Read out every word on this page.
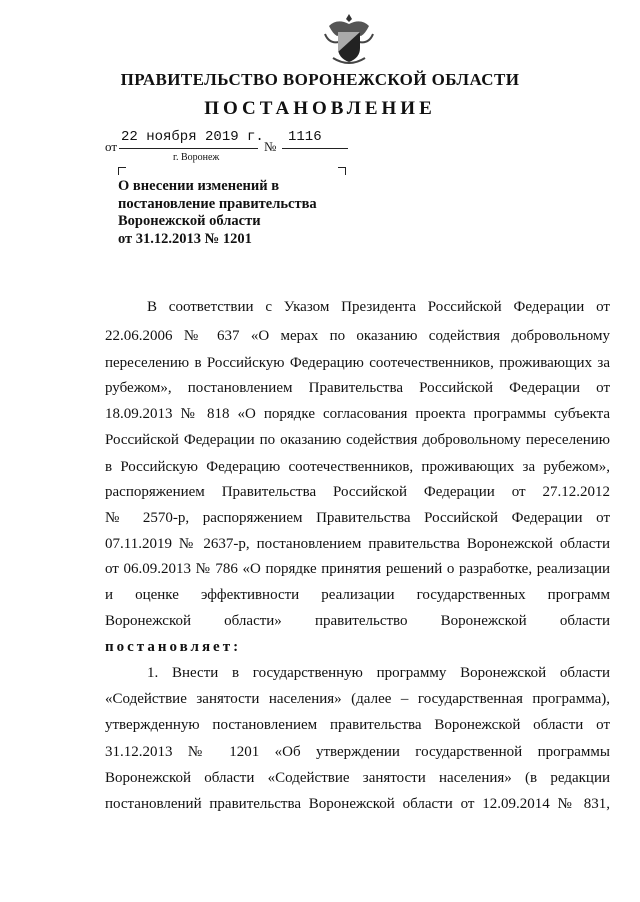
ПРАВИТЕЛЬСТВО ВОРОНЕЖСКОЙ ОБЛАСТИ
ПОСТАНОВЛЕНИЕ
от
22 ноября 2019 г.
№
1116
г. Воронеж
О внесении изменений в
постановление правительства
Воронежской области
от 31.12.2013 № 1201
В соответствии с Указом Президента Российской Федерации от
22.06.2006 № 637 «О мерах по оказанию содействия добровольному
переселению в Российскую Федерацию соотечественников, проживающих за
рубежом», постановлением Правительства Российской Федерации от
18.09.2013 № 818 «О порядке согласования проекта программы субъекта
Российской Федерации по оказанию содействия добровольному переселению
в Российскую Федерацию соотечественников, проживающих за рубежом»,
распоряжением Правительства Российской Федерации от 27.12.2012
№ 2570-р, распоряжением Правительства Российской Федерации от
07.11.2019 № 2637-р, постановлением правительства Воронежской области
от 06.09.2013 № 786 «О порядке принятия решений о разработке, реализации
и оценке эффективности реализации государственных программ
Воронежской области» правительство Воронежской области
постановляет:
1. Внести в государственную программу Воронежской области
«Содействие занятости населения» (далее – государственная программа),
утвержденную постановлением правительства Воронежской области от
31.12.2013 № 1201 «Об утверждении государственной программы
Воронежской области «Содействие занятости населения» (в редакции
постановлений правительства Воронежской области от 12.09.2014 № 831,
